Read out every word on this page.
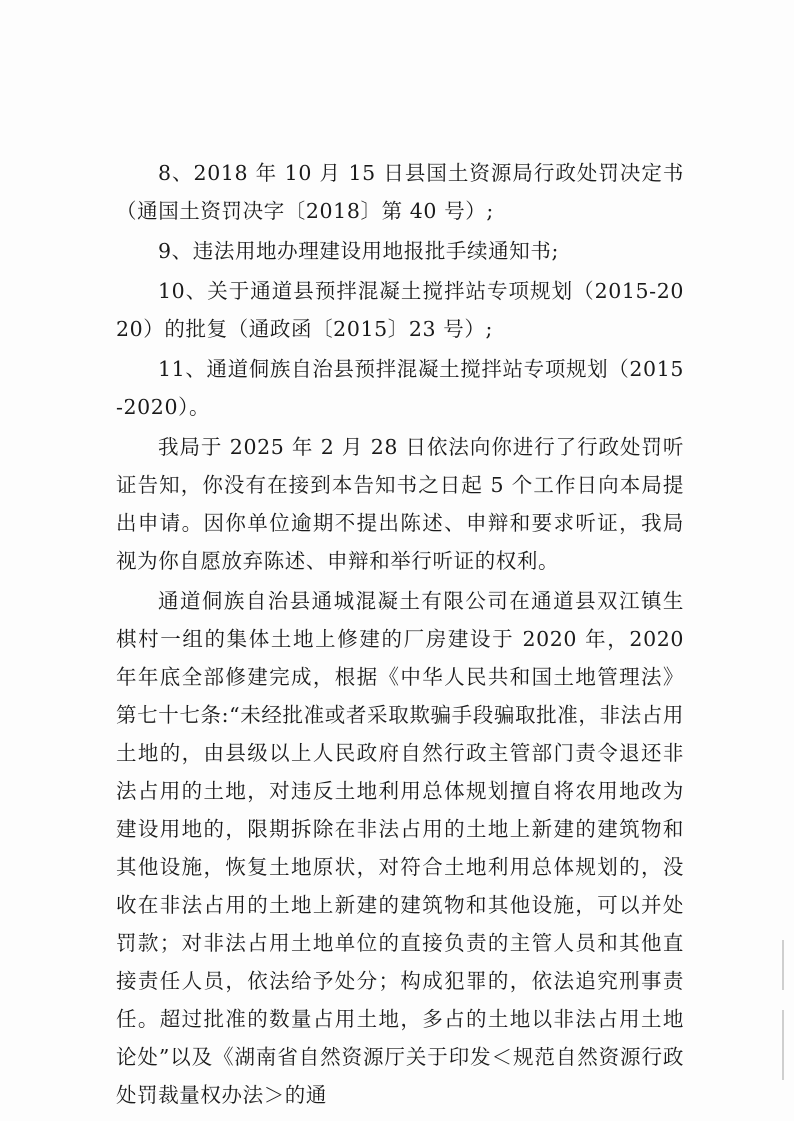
8、2018 年 10 月 15 日县国土资源局行政处罚决定书（通国土资罚决字〔2018〕第 40 号）;

9、违法用地办理建设用地报批手续通知书;

10、关于通道县预拌混凝土搅拌站专项规划（2015-2020）的批复（通政函〔2015〕23 号）;

11、通道侗族自治县预拌混凝土搅拌站专项规划（2015-2020）。

我局于 2025 年 2 月 28 日依法向你进行了行政处罚听证告知，你没有在接到本告知书之日起 5 个工作日向本局提出申请。因你单位逾期不提出陈述、申辩和要求听证，我局视为你自愿放弃陈述、申辩和举行听证的权利。

通道侗族自治县通城混凝土有限公司在通道县双江镇生棋村一组的集体土地上修建的厂房建设于 2020 年，2020 年年底全部修建完成，根据《中华人民共和国土地管理法》第七十七条:“未经批准或者采取欺骗手段骗取批准，非法占用土地的，由县级以上人民政府自然行政主管部门责令退还非法占用的土地，对违反土地利用总体规划擅自将农用地改为建设用地的，限期拆除在非法占用的土地上新建的建筑物和其他设施，恢复土地原状，对符合土地利用总体规划的，没收在非法占用的土地上新建的建筑物和其他设施，可以并处罚款；对非法占用土地单位的直接负责的主管人员和其他直接责任人员，依法给予处分；构成犯罪的，依法追究刑事责任。超过批准的数量占用土地，多占的土地以非法占用土地论处”以及《湖南省自然资源厅关于印发＜规范自然资源行政处罚裁量权办法＞的通
